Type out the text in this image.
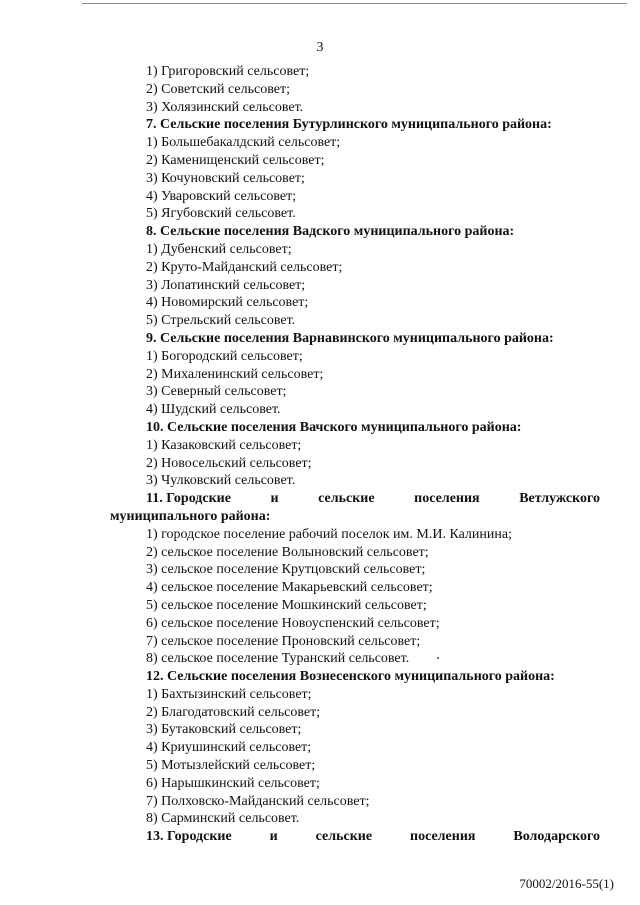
3
1) Григоровский сельсовет;
2) Советский сельсовет;
3) Холязинский сельсовет.
7. Сельские поселения Бутурлинского муниципального района:
1) Большебакалдский сельсовет;
2) Каменищенский сельсовет;
3) Кочуновский сельсовет;
4) Уваровский сельсовет;
5) Ягубовский сельсовет.
8. Сельские поселения Вадского муниципального района:
1) Дубенский сельсовет;
2) Круто-Майданский сельсовет;
3) Лопатинский сельсовет;
4) Новомирский сельсовет;
5) Стрельский сельсовет.
9. Сельские поселения Варнавинского муниципального района:
1) Богородский сельсовет;
2) Михаленинский сельсовет;
3) Северный сельсовет;
4) Шудский сельсовет.
10. Сельские поселения Вачского муниципального района:
1) Казаковский сельсовет;
2) Новосельский сельсовет;
3) Чулковский сельсовет.
11. Городские	и	сельские	поселения	Ветлужского
муниципального района:
1) городское поселение рабочий поселок им. М.И. Калинина;
2) сельское поселение Волыновский сельсовет;
3) сельское поселение Крутцовский сельсовет;
4) сельское поселение Макарьевский сельсовет;
5) сельское поселение Мошкинский сельсовет;
6) сельское поселение Новоуспенский сельсовет;
7) сельское поселение Проновский сельсовет;
8) сельское поселение Туранский сельсовет.
12. Сельские поселения Вознесенского муниципального района:
1) Бахтызинский сельсовет;
2) Благодатовский сельсовет;
3) Бутаковский сельсовет;
4) Криушинский сельсовет;
5) Мотызлейский сельсовет;
6) Нарышкинский сельсовет;
7) Полховско-Майданский сельсовет;
8) Сарминский сельсовет.
13. Городские	и	сельские	поселения	Володарского
70002/2016-55(1)
